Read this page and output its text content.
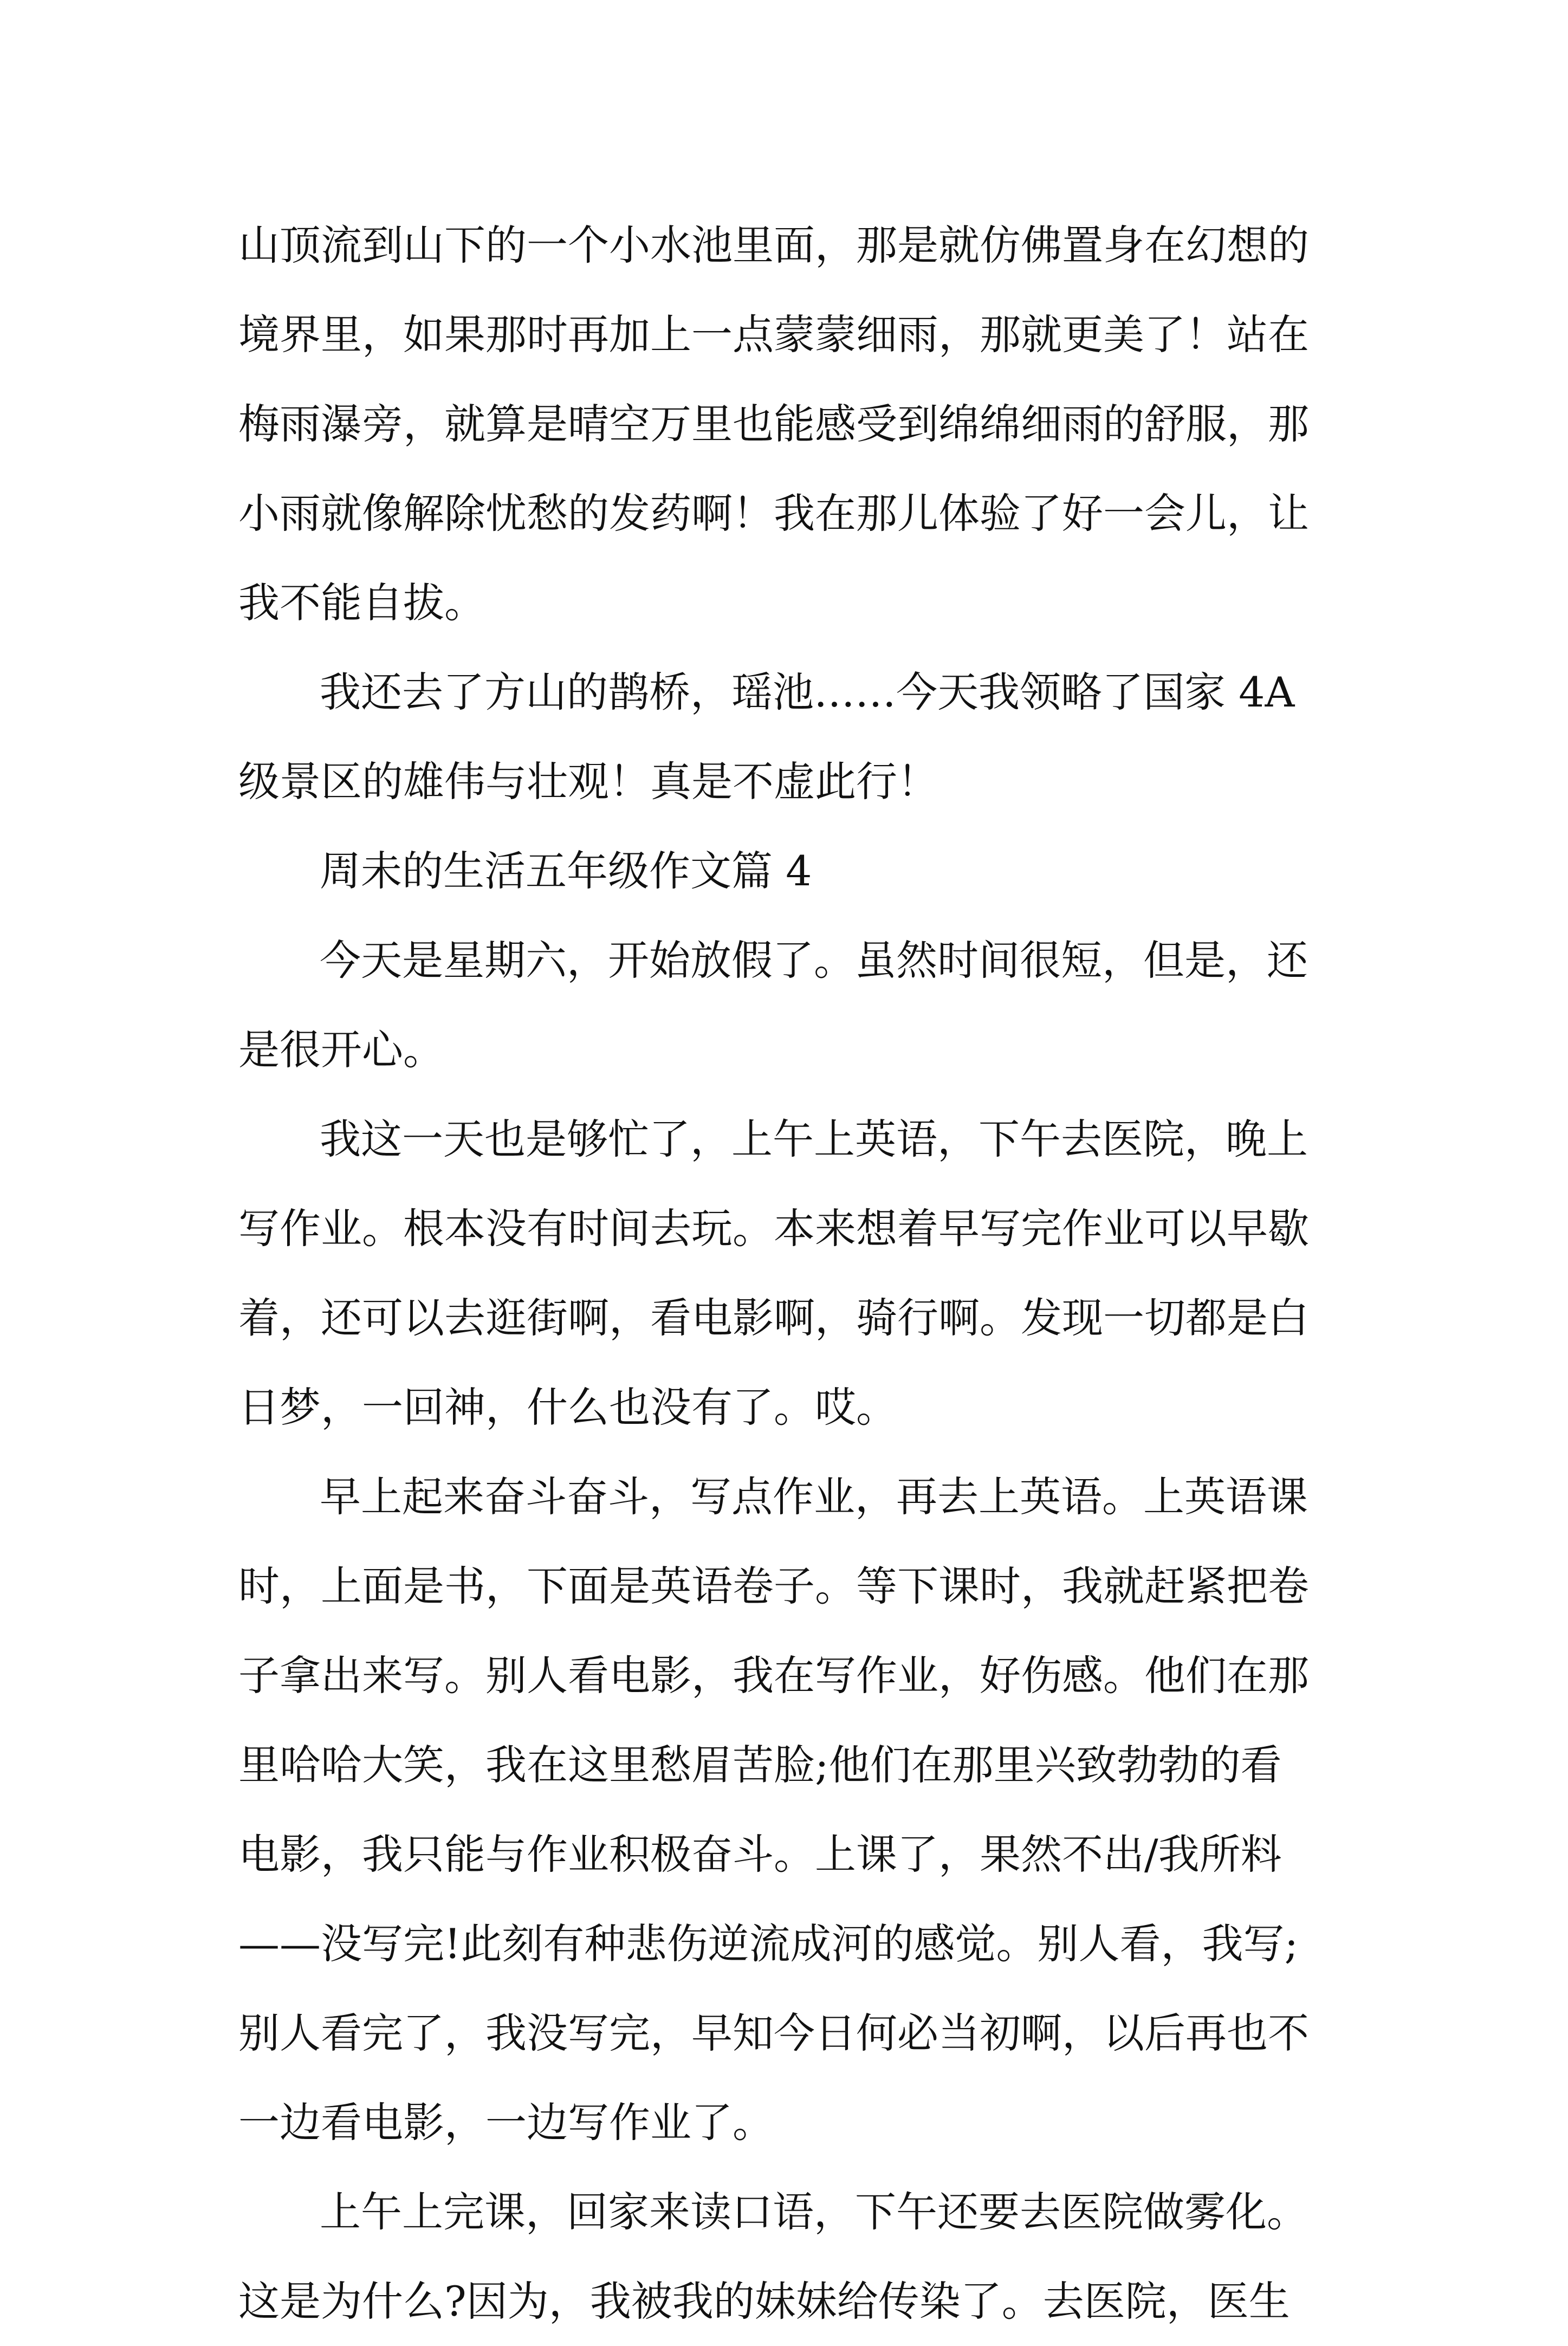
山顶流到山下的一个小水池里面，那是就仿佛置身在幻想的
境界里，如果那时再加上一点蒙蒙细雨，那就更美了！站在
梅雨瀑旁，就算是晴空万里也能感受到绵绵细雨的舒服，那
小雨就像解除忧愁的发药啊！我在那儿体验了好一会儿，让
我不能自拔。
我还去了方山的鹊桥，瑶池……今天我领略了国家 4A
级景区的雄伟与壮观！真是不虚此行！
周未的生活五年级作文篇 4
今天是星期六，开始放假了。虽然时间很短，但是，还
是很开心。
我这一天也是够忙了，上午上英语，下午去医院，晚上
写作业。根本没有时间去玩。本来想着早写完作业可以早歇
着，还可以去逛街啊，看电影啊，骑行啊。发现一切都是白
日梦，一回神，什么也没有了。哎。
早上起来奋斗奋斗，写点作业，再去上英语。上英语课
时，上面是书，下面是英语卷子。等下课时，我就赶紧把卷
子拿出来写。别人看电影，我在写作业，好伤感。他们在那
里哈哈大笑，我在这里愁眉苦脸;他们在那里兴致勃勃的看
电影，我只能与作业积极奋斗。上课了，果然不出/我所料
——没写完!此刻有种悲伤逆流成河的感觉。别人看，我写;
别人看完了，我没写完，早知今日何必当初啊，以后再也不
一边看电影，一边写作业了。
上午上完课，回家来读口语，下午还要去医院做雾化。
这是为什么?因为，我被我的妹妹给传染了。去医院，医生
